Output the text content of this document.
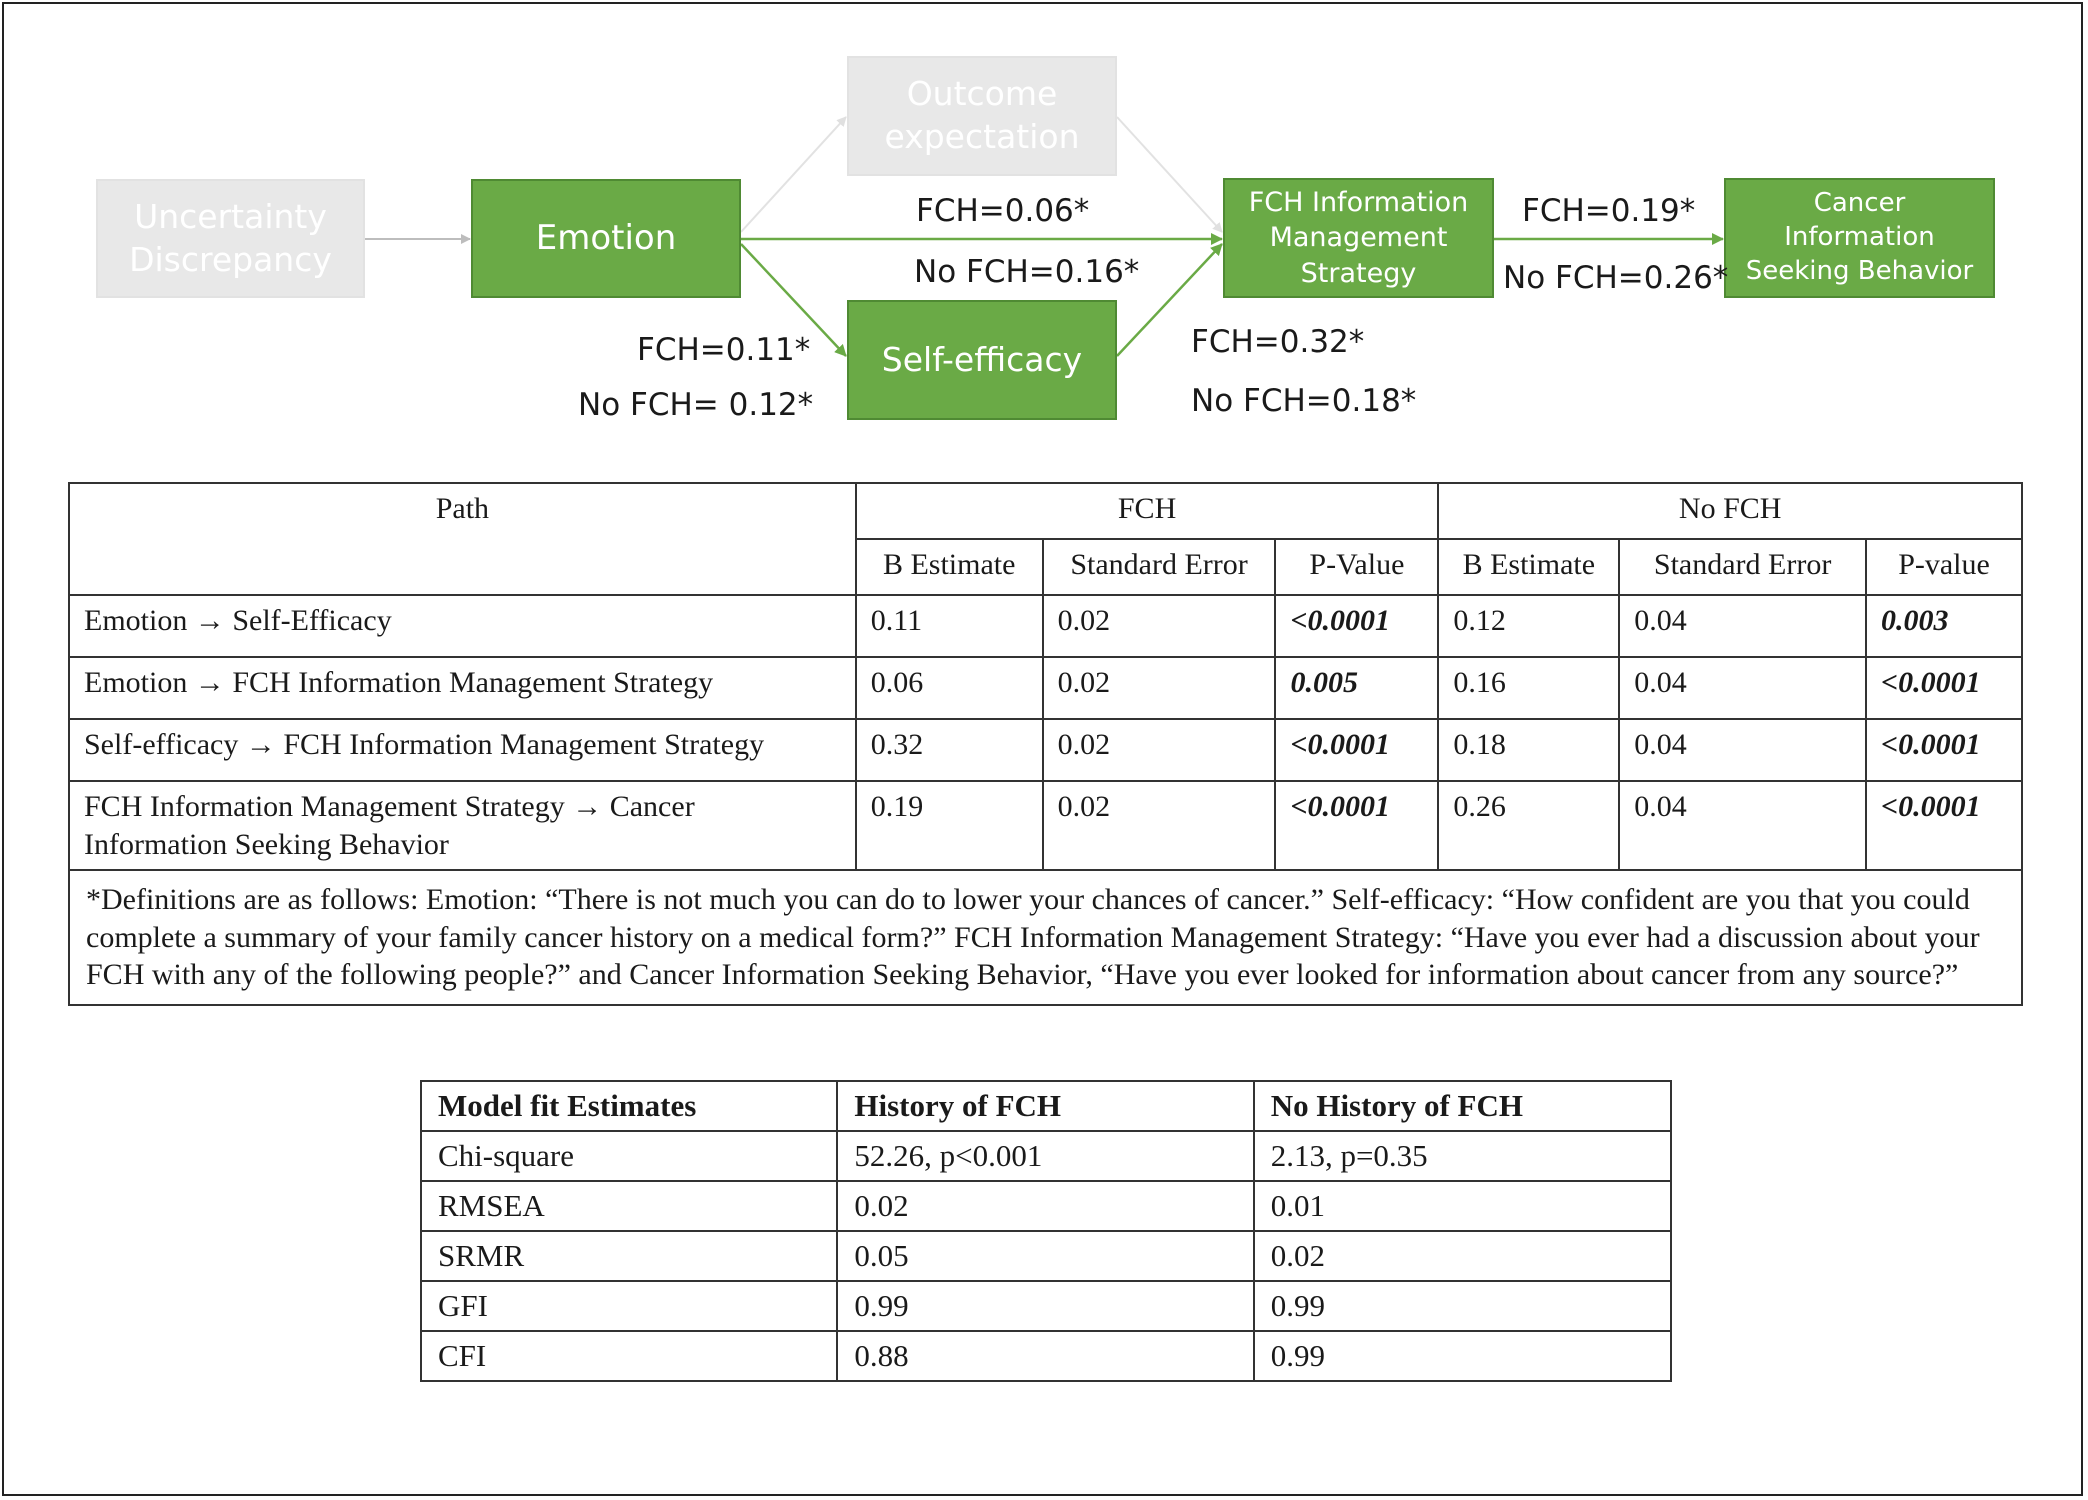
Uncertainty Discrepancy
Emotion
Outcome expectation
Self-efficacy
FCH Information Management Strategy
Cancer Information Seeking Behavior
FCH=0.06*
No FCH=0.16*
FCH=0.11*
No FCH= 0.12*
FCH=0.32*
No FCH=0.18*
FCH=0.19*
No FCH=0.26*
Path	FCH			No FCH		
	B Estimate	Standard Error	P-Value	B Estimate	Standard Error	P-value
Emotion → Self-Efficacy	0.11	0.02	<0.0001	0.12	0.04	0.003
Emotion → FCH Information Management Strategy	0.06	0.02	0.005	0.16	0.04	<0.0001
Self-efficacy → FCH Information Management Strategy	0.32	0.02	<0.0001	0.18	0.04	<0.0001
FCH Information Management Strategy → Cancer Information Seeking Behavior	0.19	0.02	<0.0001	0.26	0.04	<0.0001
*Definitions are as follows: Emotion: “There is not much you can do to lower your chances of cancer.” Self-efficacy: “How confident are you that you could complete a summary of your family cancer history on a medical form?” FCH Information Management Strategy: “Have you ever had a discussion about your FCH with any of the following people?” and Cancer Information Seeking Behavior, “Have you ever looked for information about cancer from any source?”						
Model fit Estimates	History of FCH	No History of FCH
Chi-square	52.26, p<0.001	2.13, p=0.35
RMSEA	0.02	0.01
SRMR	0.05	0.02
GFI	0.99	0.99
CFI	0.88	0.99
